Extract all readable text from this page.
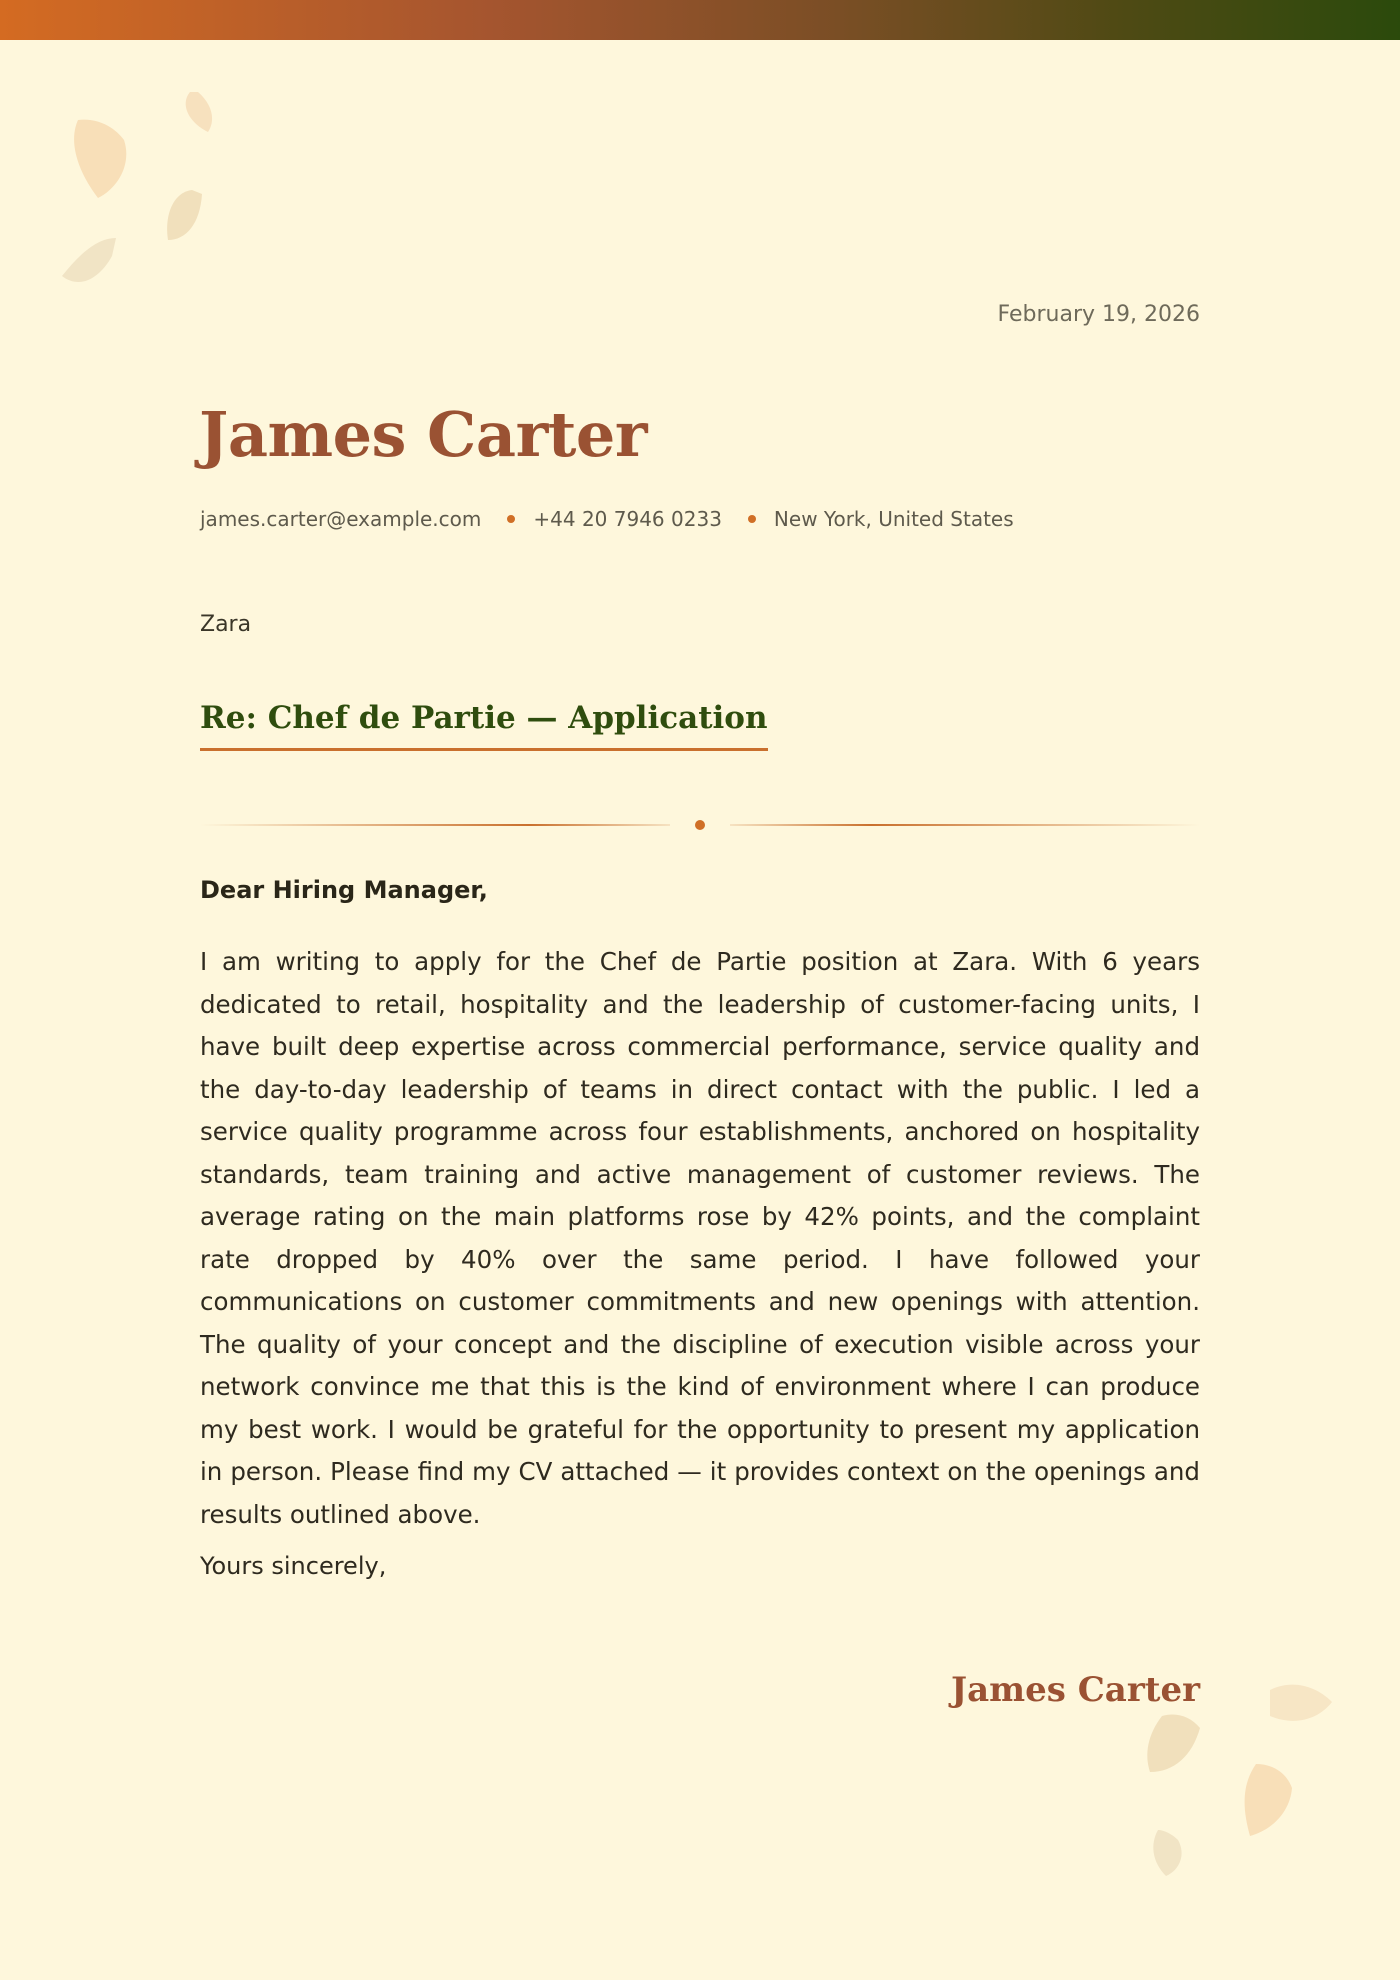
February 19, 2026
James Carter
james.carter@example.com	+44 20 7946 0233	New York, United States
Zara
Re: Chef de Partie — Application
Dear Hiring Manager,

I am writing to apply for the Chef de Partie position at Zara. With 6 years dedicated to retail, hospitality and the leadership of customer-facing units, I have built deep expertise across commercial performance, service quality and the day-to-day leadership of teams in direct contact with the public. I led a service quality programme across four establishments, anchored on hospitality standards, team training and active management of customer reviews. The average rating on the main platforms rose by 42% points, and the complaint rate dropped by 40% over the same period. I have followed your communications on customer commitments and new openings with attention. The quality of your concept and the discipline of execution visible across your network convince me that this is the kind of environment where I can produce my best work. I would be grateful for the opportunity to present my application in person. Please find my CV attached — it provides context on the openings and results outlined above.

Yours sincerely,
James Carter
